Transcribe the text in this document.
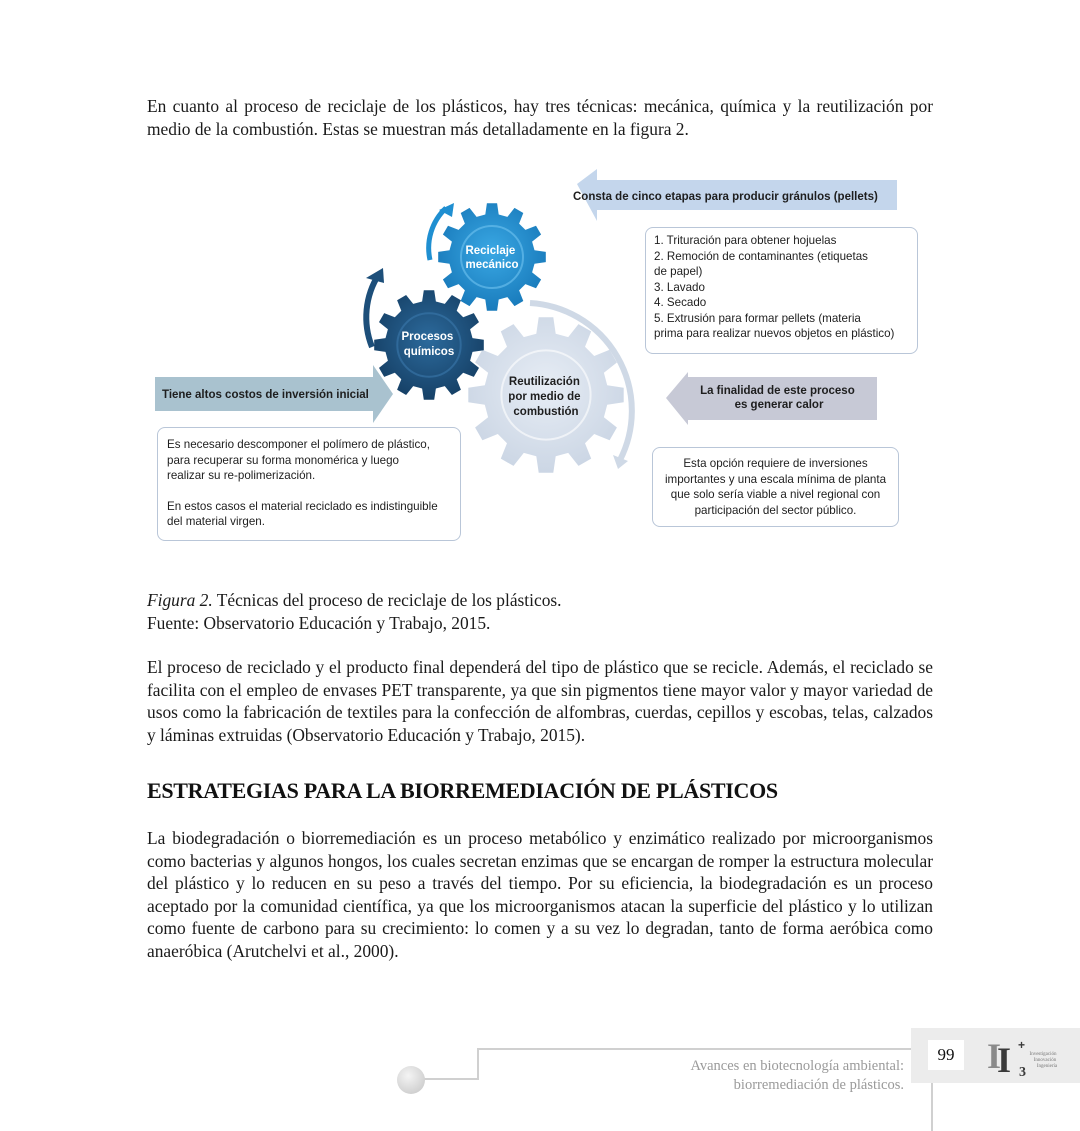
En cuanto al proceso de reciclaje de los plásticos, hay tres técnicas: mecánica, química y la reutilización por medio de la combustión. Estas se muestran más detalladamente en la figura 2.

Reciclaje mecánico
Procesos químicos
Reutilización por medio de combustión
Consta de cinco etapas para producir gránulos (pellets)
Tiene altos costos de inversión inicial	La finalidad de este proceso es generar calor

1. Trituración para obtener hojuelas

2. Remoción de contaminantes (etiquetas

de papel)

3. Lavado

4. Secado

5. Extrusión para formar pellets (materia

prima para realizar nuevos objetos en plástico)

Es necesario descomponer el polímero de plástico,

para recuperar su forma monomérica y luego

realizar su re-polimerización.

En estos casos el material reciclado es indistinguible

del material virgen.

Esta opción requiere de inversiones

importantes y una escala mínima de planta

que solo sería viable a nivel regional con

participación del sector público.

Figura 2. Técnicas del proceso de reciclaje de los plásticos.
Fuente: Observatorio Educación y Trabajo, 2015.

El proceso de reciclado y el producto final dependerá del tipo de plástico que se recicle. Además, el reciclado se facilita con el empleo de envases PET transparente, ya que sin pigmentos tiene mayor valor y mayor variedad de usos como la fabricación de textiles para la confección de alfombras, cuerdas, cepillos y escobas, telas, calzados y láminas extruidas (Observatorio Educación y Trabajo, 2015).

ESTRATEGIAS PARA LA BIORREMEDIACIÓN DE PLÁSTICOS

La biodegradación o biorremediación es un proceso metabólico y enzimático realizado por microorganismos como bacterias y algunos hongos, los cuales secretan enzimas que se encargan de romper la estructura molecular del plástico y lo reducen en su peso a través del tiempo. Por su eficiencia, la biodegradación es un proceso aceptado por la comunidad científica, ya que los microorganismos atacan la superficie del plástico y lo utilizan como fuente de carbono para su crecimiento: lo comen y a su vez lo degradan, tanto de forma aeróbica como anaeróbica (Arutchelvi et al., 2000).

Avances en biotecnología ambiental:
biorremediación de plásticos.
99 I
I 3
+
Investigación
Innovación
Ingeniería
